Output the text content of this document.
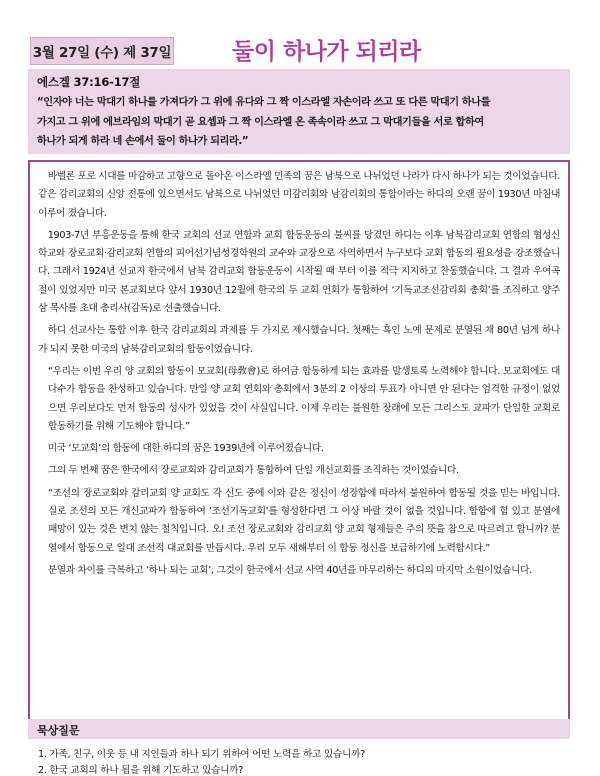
3월 27일 (수) 제 37일	둘이 하나가 되리라
에스겔 37:16-17절
“인자야 너는 막대기 하나를 가져다가 그 위에 유다와 그 짝 이스라엘 자손이라 쓰고 또 다른 막대기 하나를
가지고 그 위에 에브라임의 막대기 곧 요셉과 그 짝 이스라엘 온 족속이라 쓰고 그 막대기들을 서로 합하여
하나가 되게 하라 네 손에서 둘이 하나가 되리라.”

바벨론 포로 시대를 마감하고 고향으로 돌아온 이스라엘 민족의 꿈은 남북으로 나뉘었던 나라가 다시 하나가 되는 것이었습니다. 같은 감리교회의 신앙 전통에 있으면서도 남북으로 나뉘었던 미감리회와 남감리회의 통합이라는 하디의 오랜 꿈이 1930년 마침내 이루어 졌습니다.

1903-7년 부흥운동을 통해 한국 교회의 선교 연합과 교회 합동운동의 불씨를 당겼던 하디는 이후 남북감리교회 연합의 협성신학교와 장로교회·감리교회 연합의 피어선기념성경학원의 교수와 교장으로 사역하면서 누구보다 교회 합동의 필요성을 강조했습니다. 그래서 1924년 선교지 한국에서 남북 감리교회 합동운동이 시작될 때 부터 이를 적극 지지하고 찬동했습니다. 그 결과 우여곡절이 있었지만 미국 본교회보다 앞서 1930년 12월에 한국의 두 교회 연회가 통합하여 ‘기독교조선감리회 총회’를 조직하고 양주삼 목사를 초대 총리사(감독)로 선출했습니다.

하디 선교사는 통합 이후 한국 감리교회의 과제를 두 가지로 제시했습니다. 첫째는 흑인 노예 문제로 분열된 채 80년 넘게 하나가 되지 못한 미국의 남북감리교회의 합동이었습니다.

“우리는 이번 우리 양 교회의 합동이 모교회(母敎會)로 하여금 합동하게 되는 효과를 발생토록 노력해야 합니다. 모교회에도 대다수가 합동을 찬성하고 있습니다. 만일 양 교회 연회와 총회에서 3분의 2 이상의 투표가 아니면 안 된다는 엄격한 규정이 없었으면 우리보다도 먼저 합동의 성사가 있었을 것이 사실입니다. 이제 우리는 불원한 장래에 모든 그리스도 교파가 단일한 교회로 합동하기를 위해 기도해야 합니다.”

미국 ‘모교회’의 합동에 대한 하디의 꿈은 1939년에 이루어졌습니다.

그의 두 번째 꿈은 한국에서 장로교회와 감리교회가 통합하여 단일 개신교회를 조직하는 것이었습니다.

“조선의 장로교회와 감리교회 양 교회도 각 신도 중에 이와 같은 정신이 성장함에 따라서 불원하여 합동될 것을 믿는 바입니다. 실로 조선의 모든 개신교파가 합동하여 ‘조선기독교회’를 형성한다면 그 이상 바랄 것이 없을 것입니다. 합함에 힘 있고 분열에 패망이 있는 것은 변치 않는 철칙입니다. 오! 조선 장로교회와 감리교회 양 교회 형제들은 주의 뜻을 참으로 따르려고 합니까? 분열에서 합동으로 일대 조선적 대교회를 만듭시다. 우리 모두 새해부터 이 합동 정신을 보급하기에 노력합시다.”

분열과 차이를 극복하고 ‘하나 되는 교회’, 그것이 한국에서 선교 사역 40년을 마무리하는 하디의 마지막 소원이었습니다.

묵상질문
1. 가족, 친구, 이웃 등 내 지인들과 하나 되기 위하여 어떤 노력을 하고 있습니까?
2. 한국 교회의 하나 됨을 위해 기도하고 있습니까?
